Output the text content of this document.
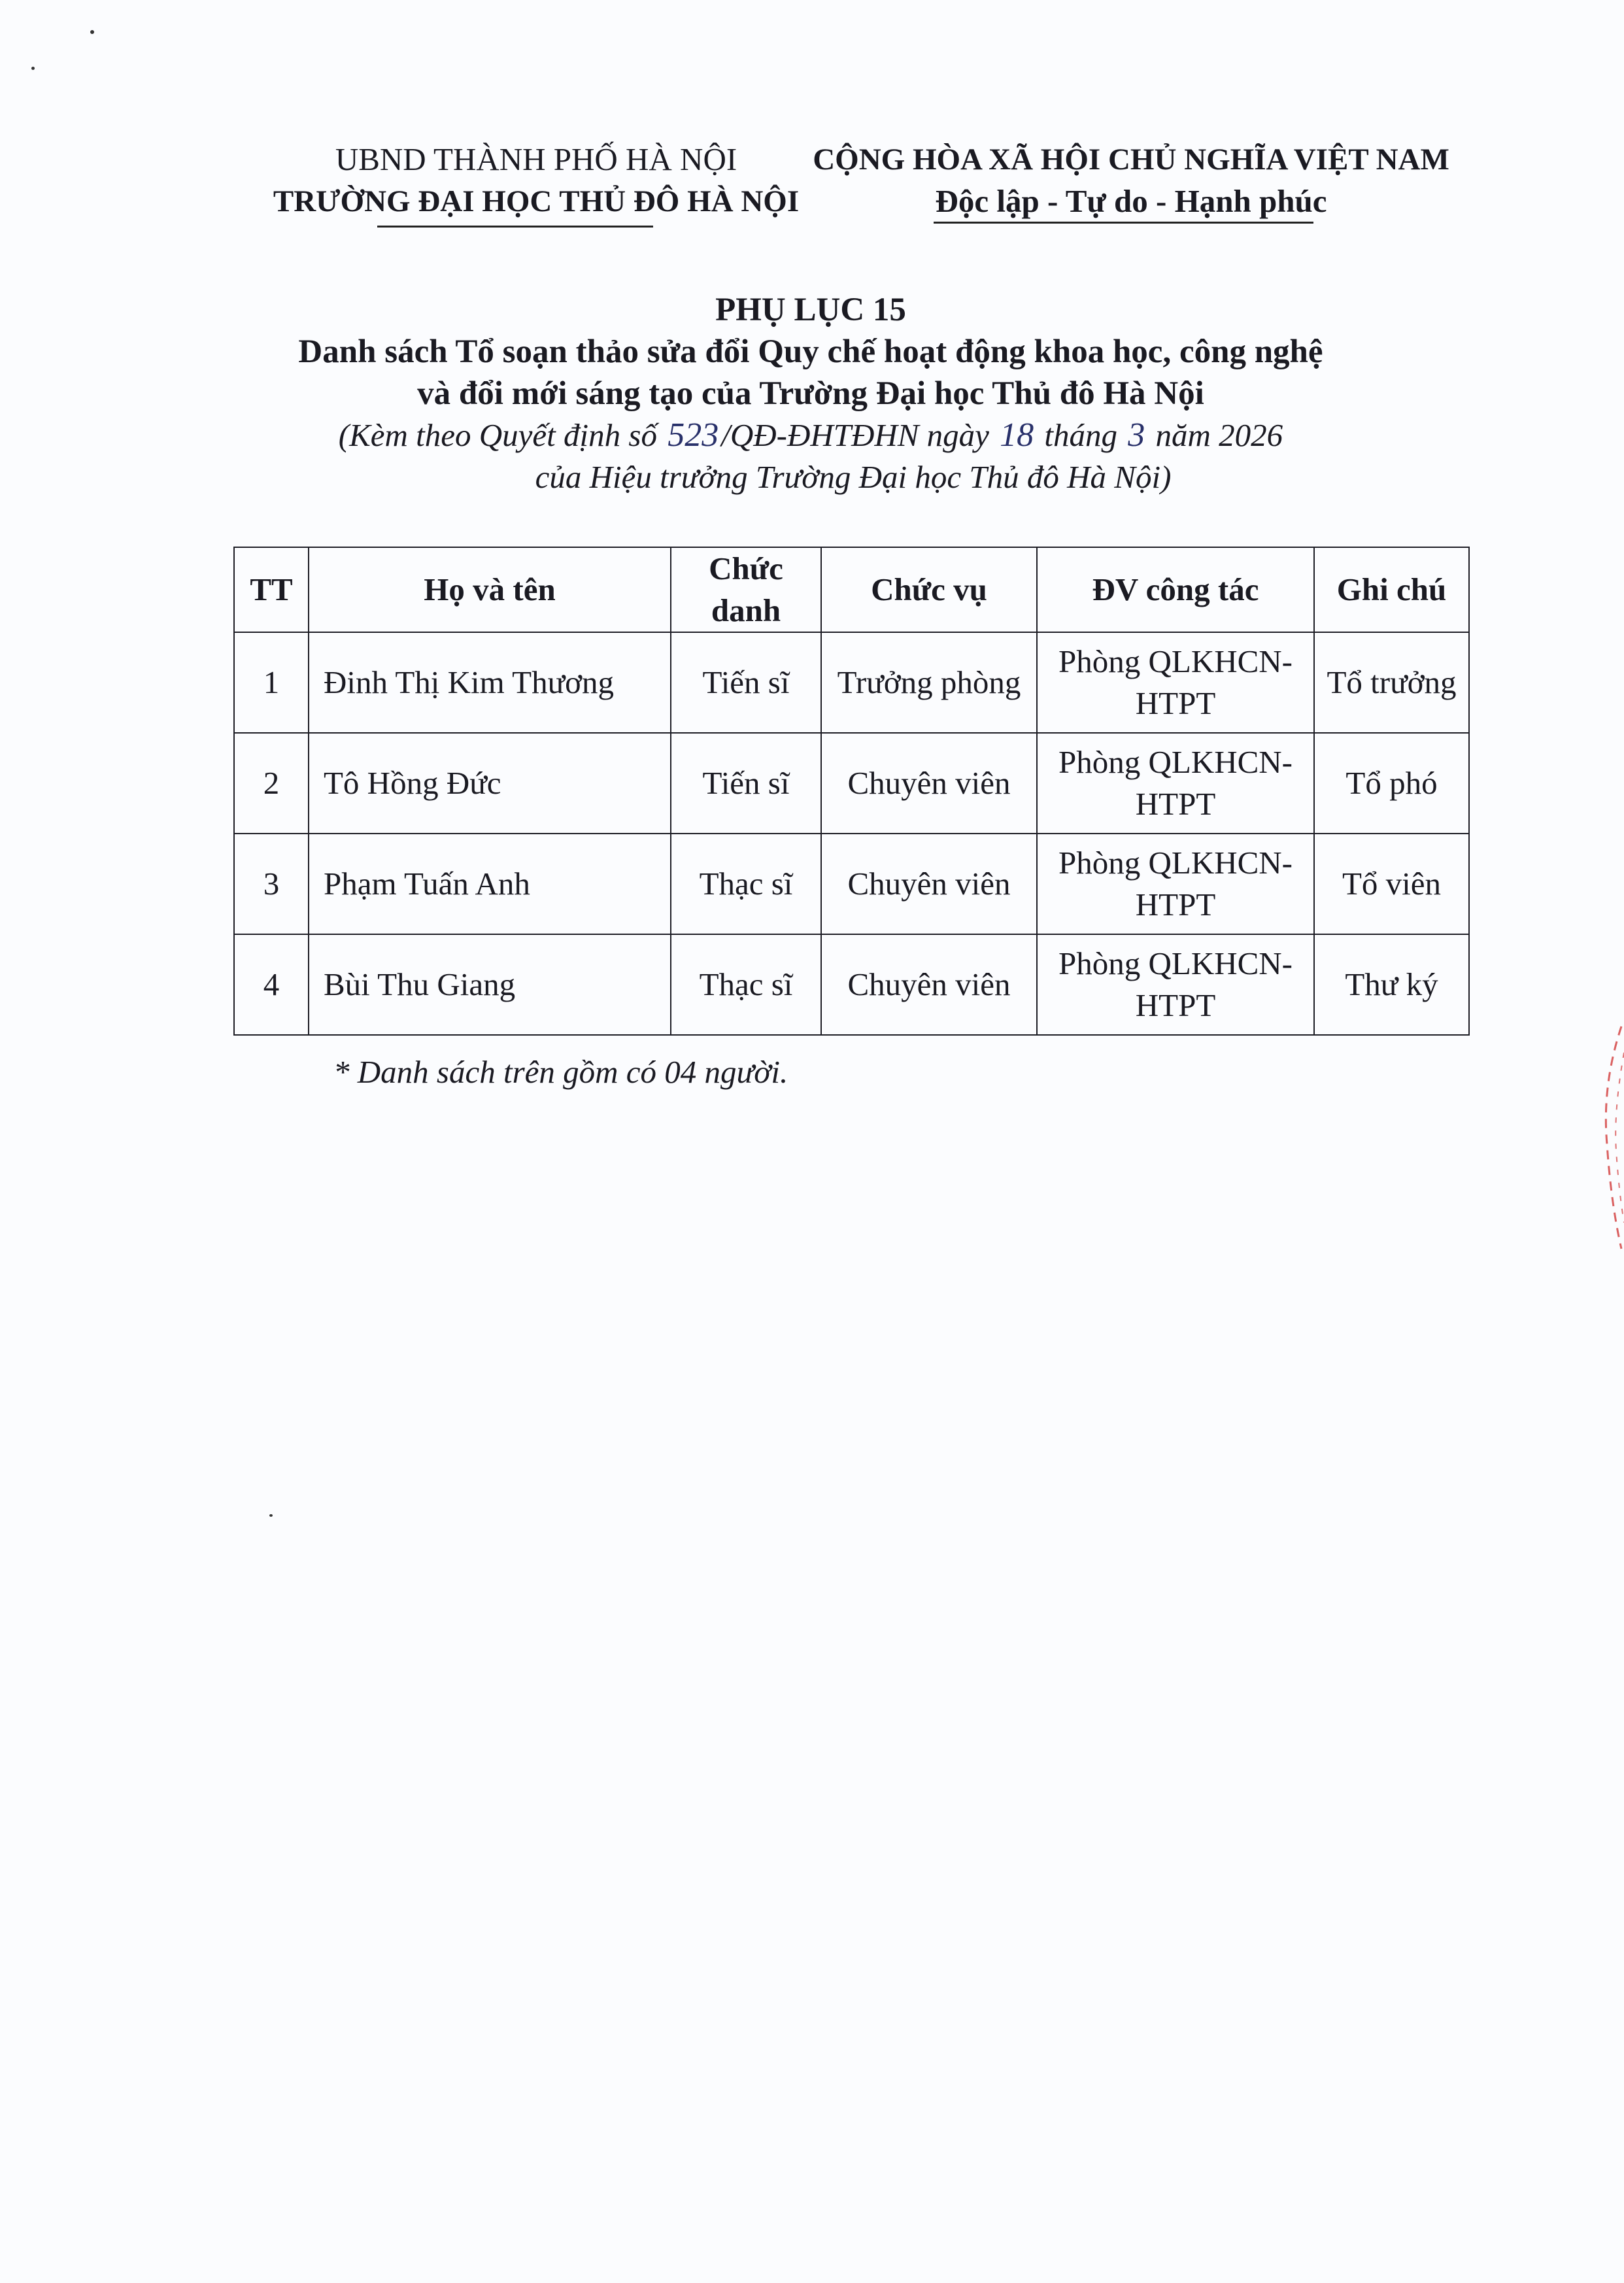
UBND THÀNH PHỐ HÀ NỘI
TRƯỜNG ĐẠI HỌC THỦ ĐÔ HÀ NỘI
CỘNG HÒA XÃ HỘI CHỦ NGHĨA VIỆT NAM
Độc lập - Tự do - Hạnh phúc
PHỤ LỤC 15
Danh sách Tổ soạn thảo sửa đổi Quy chế hoạt động khoa học, công nghệ
và đổi mới sáng tạo của Trường Đại học Thủ đô Hà Nội
(Kèm theo Quyết định số 523/QĐ-ĐHTĐHN ngày 18 tháng 3 năm 2026
của Hiệu trưởng Trường Đại học Thủ đô Hà Nội)
TT	Họ và tên	Chức danh	Chức vụ	ĐV công tác	Ghi chú
1	Đinh Thị Kim Thương	Tiến sĩ	Trưởng phòng	Phòng QLKHCN-HTPT	Tổ trưởng
2	Tô Hồng Đức	Tiến sĩ	Chuyên viên	Phòng QLKHCN-HTPT	Tổ phó
3	Phạm Tuấn Anh	Thạc sĩ	Chuyên viên	Phòng QLKHCN-HTPT	Tổ viên
4	Bùi Thu Giang	Thạc sĩ	Chuyên viên	Phòng QLKHCN-HTPT	Thư ký
* Danh sách trên gồm có 04 người.
